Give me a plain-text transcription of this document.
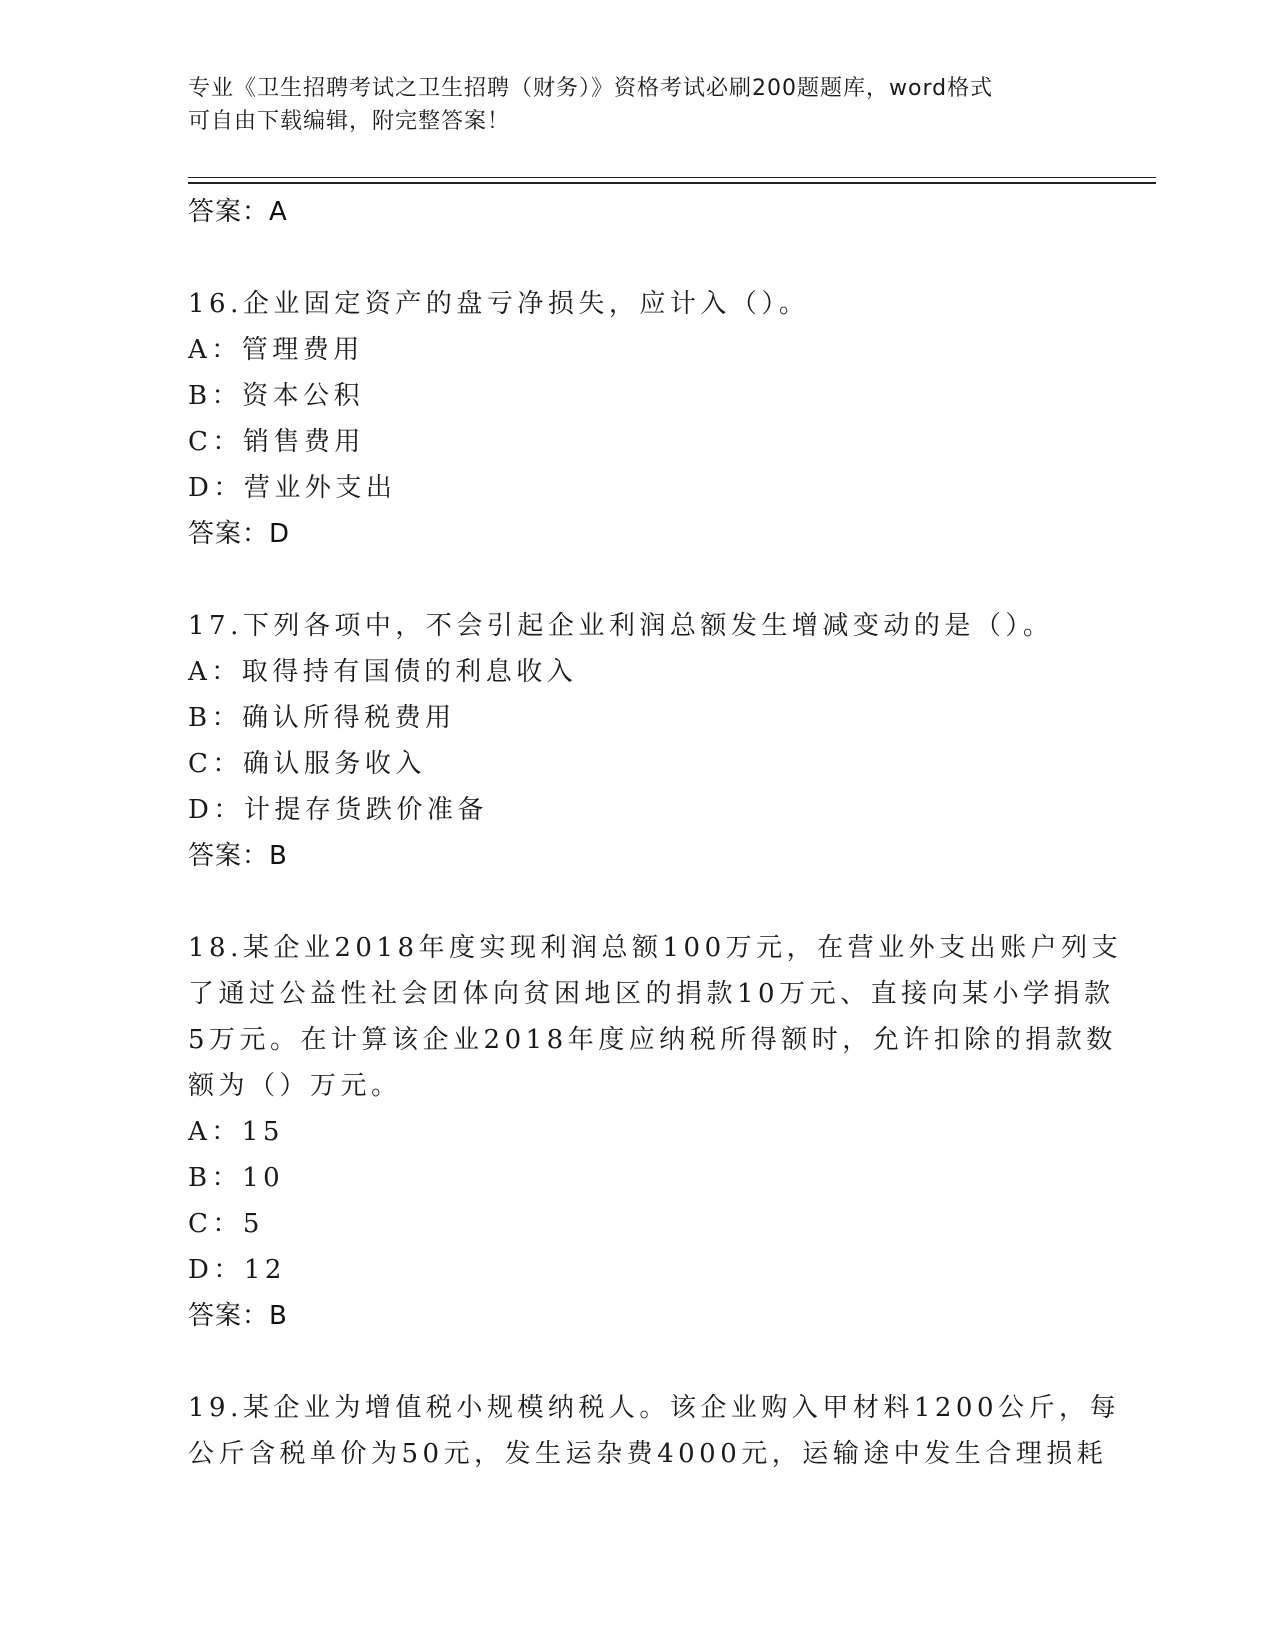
专业《卫生招聘考试之卫生招聘（财务）》资格考试必刷200题题库，word格式
可自由下载编辑，附完整答案！
答案：A
16.企业固定资产的盘亏净损失，应计入（）。
A：管理费用
B：资本公积
C：销售费用
D：营业外支出
答案：D
17.下列各项中，不会引起企业利润总额发生增减变动的是（）。
A：取得持有国债的利息收入
B：确认所得税费用
C：确认服务收入
D：计提存货跌价准备
答案：B
18.某企业2018年度实现利润总额100万元，在营业外支出账户列支
了通过公益性社会团体向贫困地区的捐款10万元、直接向某小学捐款
5万元。在计算该企业2018年度应纳税所得额时，允许扣除的捐款数
额为（）万元。
A：15
B：10
C：5
D：12
答案：B
19.某企业为增值税小规模纳税人。该企业购入甲材料1200公斤，每
公斤含税单价为50元，发生运杂费4000元，运输途中发生合理损耗
